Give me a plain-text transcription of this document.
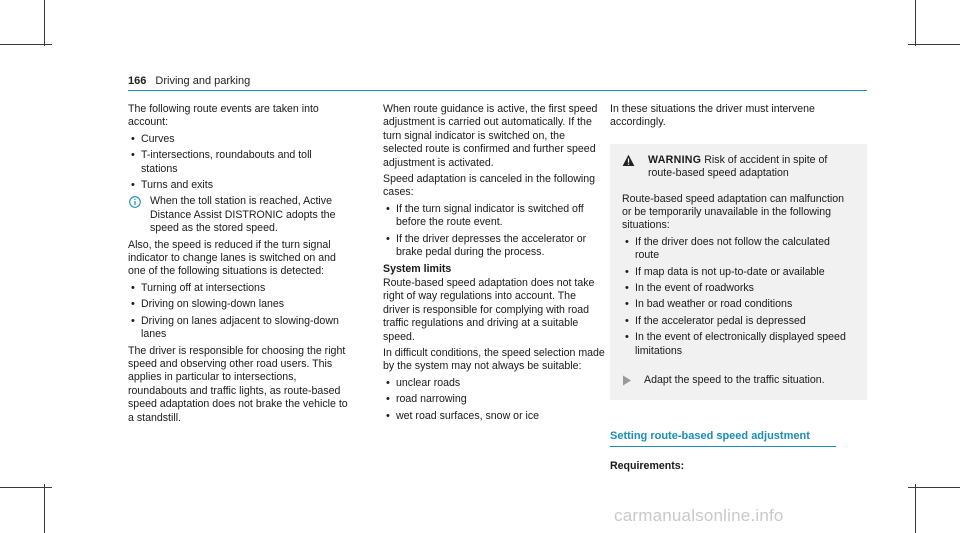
166 Driving and parking

The following route events are taken into account:

• Curves
• T-intersections, roundabouts and toll stations
• Turns and exits
When the toll station is reached, Active Distance Assist DISTRONIC adopts the speed as the stored speed.

Also, the speed is reduced if the turn signal indicator to change lanes is switched on and one of the following situations is detected:

• Turning off at intersections
• Driving on slowing-down lanes
• Driving on lanes adjacent to slowing-down lanes

The driver is responsible for choosing the right speed and observing other road users. This applies in particular to intersections, roundabouts and traffic lights, as route-based speed adaptation does not brake the vehicle to a standstill.

When route guidance is active, the first speed adjustment is carried out automatically. If the turn signal indicator is switched on, the selected route is confirmed and further speed adjustment is activated.

Speed adaptation is canceled in the following cases:

• If the turn signal indicator is switched off before the route event.
• If the driver depresses the accelerator or brake pedal during the process.

System limits

Route-based speed adaptation does not take right of way regulations into account. The driver is responsible for complying with road traffic regulations and driving at a suitable speed.

In difficult conditions, the speed selection made by the system may not always be suitable:

• unclear roads
• road narrowing
• wet road surfaces, snow or ice

In these situations the driver must intervene accordingly.

WARNING Risk of accident in spite of route-based speed adaptation

Route-based speed adaptation can malfunction or be temporarily unavailable in the following situations:

• If the driver does not follow the calculated route
• If map data is not up-to-date or available
• In the event of roadworks
• In bad weather or road conditions
• If the accelerator pedal is depressed
• In the event of electronically displayed speed limitations
Adapt the speed to the traffic situation.
Setting route-based speed adjustment

Requirements:

carmanualsonline.info
